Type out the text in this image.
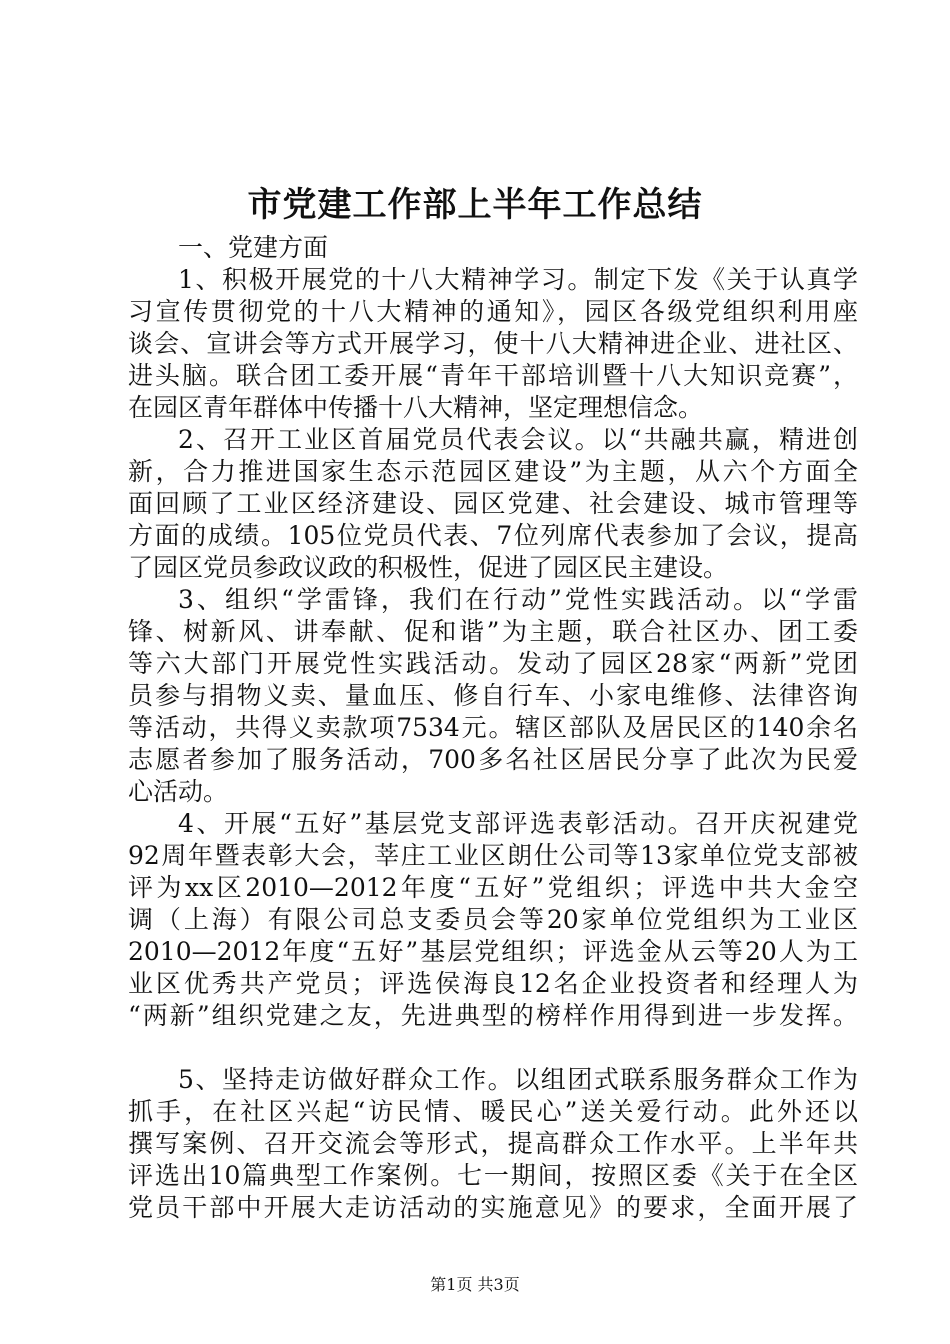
市党建工作部上半年工作总结
一、党建方面
1、积极开展党的十八大精神学习。制定下发《关于认真学
习宣传贯彻党的十八大精神的通知》，园区各级党组织利用座
谈会、宣讲会等方式开展学习，使十八大精神进企业、进社区、
进头脑。联合团工委开展“青年干部培训暨十八大知识竞赛”，
在园区青年群体中传播十八大精神，坚定理想信念。
2、召开工业区首届党员代表会议。以“共融共赢，精进创
新，合力推进国家生态示范园区建设”为主题，从六个方面全
面回顾了工业区经济建设、园区党建、社会建设、城市管理等
方面的成绩。105位党员代表、7位列席代表参加了会议，提高
了园区党员参政议政的积极性，促进了园区民主建设。
3、组织“学雷锋，我们在行动”党性实践活动。以“学雷
锋、树新风、讲奉献、促和谐”为主题，联合社区办、团工委
等六大部门开展党性实践活动。发动了园区28家“两新”党团
员参与捐物义卖、量血压、修自行车、小家电维修、法律咨询
等活动，共得义卖款项7534元。辖区部队及居民区的140余名
志愿者参加了服务活动，700多名社区居民分享了此次为民爱
心活动。
4、开展“五好”基层党支部评选表彰活动。召开庆祝建党
92周年暨表彰大会，莘庄工业区朗仕公司等13家单位党支部被
评为xx区2010—2012年度“五好”党组织；评选中共大金空
调（上海）有限公司总支委员会等20家单位党组织为工业区
2010—2012年度“五好”基层党组织；评选金从云等20人为工
业区优秀共产党员；评选侯海良12名企业投资者和经理人为
“两新”组织党建之友，先进典型的榜样作用得到进一步发挥。
5、坚持走访做好群众工作。以组团式联系服务群众工作为
抓手，在社区兴起“访民情、暖民心”送关爱行动。此外还以
撰写案例、召开交流会等形式，提高群众工作水平。上半年共
评选出10篇典型工作案例。七一期间，按照区委《关于在全区
党员干部中开展大走访活动的实施意见》的要求，全面开展了
第1页 共3页
